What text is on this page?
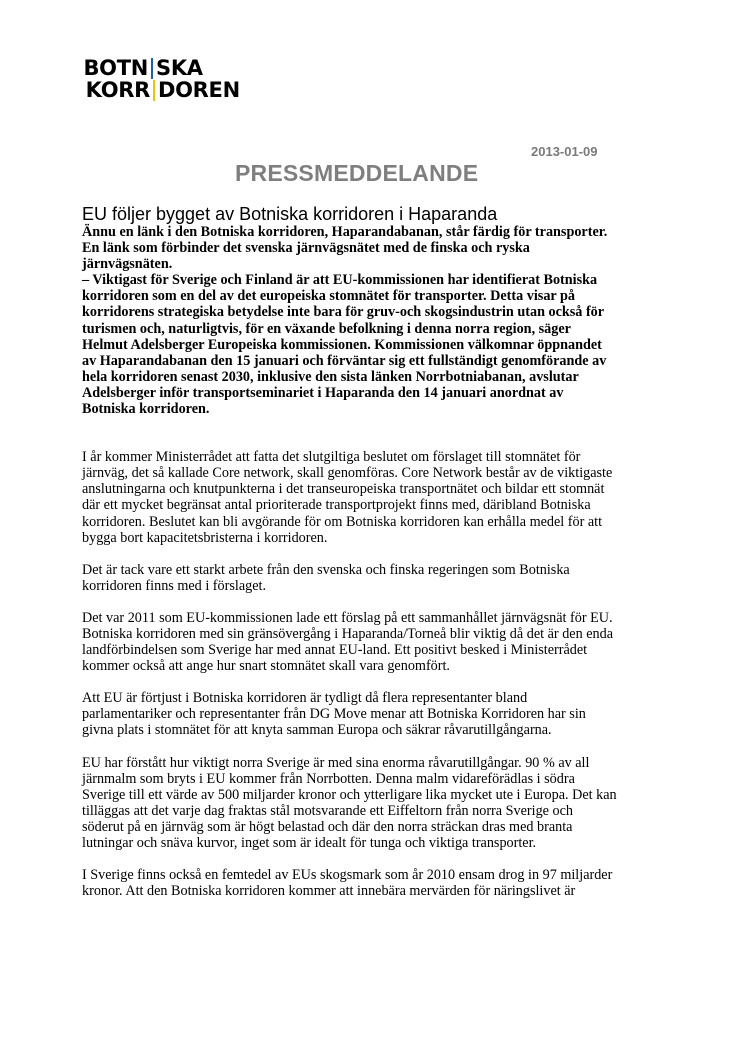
BOTN SKA
KORR DOREN
2013-01-09
PRESSMEDDELANDE
EU följer bygget av Botniska korridoren i Haparanda
Ännu en länk i den Botniska korridoren, Haparandabanan, står färdig för transporter.
En länk som förbinder det svenska järnvägsnätet med de finska och ryska
järnvägsnäten.
– Viktigast för Sverige och Finland är att EU-kommissionen har identifierat Botniska
korridoren som en del av det europeiska stomnätet för transporter. Detta visar på
korridorens strategiska betydelse inte bara för gruv-och skogsindustrin utan också för
turismen och, naturligtvis, för en växande befolkning i denna norra region, säger
Helmut Adelsberger Europeiska kommissionen. Kommissionen välkomnar öppnandet
av Haparandabanan den 15 januari och förväntar sig ett fullständigt genomförande av
hela korridoren senast 2030, inklusive den sista länken Norrbotniabanan, avslutar
Adelsberger inför transportseminariet i Haparanda den 14 januari anordnat av
Botniska korridoren.
I år kommer Ministerrådet att fatta det slutgiltiga beslutet om förslaget till stomnätet för
järnväg, det så kallade Core network, skall genomföras. Core Network består av de viktigaste
anslutningarna och knutpunkterna i det transeuropeiska transportnätet och bildar ett stomnät
där ett mycket begränsat antal prioriterade transportprojekt finns med, däribland Botniska
korridoren. Beslutet kan bli avgörande för om Botniska korridoren kan erhålla medel för att
bygga bort kapacitetsbristerna i korridoren.
Det är tack vare ett starkt arbete från den svenska och finska regeringen som Botniska
korridoren finns med i förslaget.
Det var 2011 som EU-kommissionen lade ett förslag på ett sammanhållet järnvägsnät för EU.
Botniska korridoren med sin gränsövergång i Haparanda/Torneå blir viktig då det är den enda
landförbindelsen som Sverige har med annat EU-land. Ett positivt besked i Ministerrådet
kommer också att ange hur snart stomnätet skall vara genomfört.
Att EU är förtjust i Botniska korridoren är tydligt då flera representanter bland
parlamentariker och representanter från DG Move menar att Botniska Korridoren har sin
givna plats i stomnätet för att knyta samman Europa och säkrar råvarutillgångarna.
EU har förstått hur viktigt norra Sverige är med sina enorma råvarutillgångar. 90 % av all
järnmalm som bryts i EU kommer från Norrbotten. Denna malm vidareförädlas i södra
Sverige till ett värde av 500 miljarder kronor och ytterligare lika mycket ute i Europa. Det kan
tilläggas att det varje dag fraktas stål motsvarande ett Eiffeltorn från norra Sverige och
söderut på en järnväg som är högt belastad och där den norra sträckan dras med branta
lutningar och snäva kurvor, inget som är idealt för tunga och viktiga transporter.
I Sverige finns också en femtedel av EUs skogsmark som år 2010 ensam drog in 97 miljarder
kronor. Att den Botniska korridoren kommer att innebära mervärden för näringslivet är
